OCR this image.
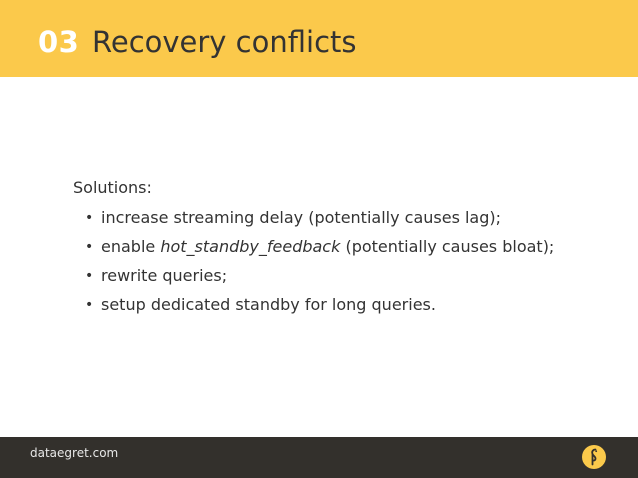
03 Recovery conflicts
Solutions:
• increase streaming delay (potentially causes lag);
• enable hot_standby_feedback (potentially causes bloat);
• rewrite queries;
• setup dedicated standby for long queries.
dataegret.com
